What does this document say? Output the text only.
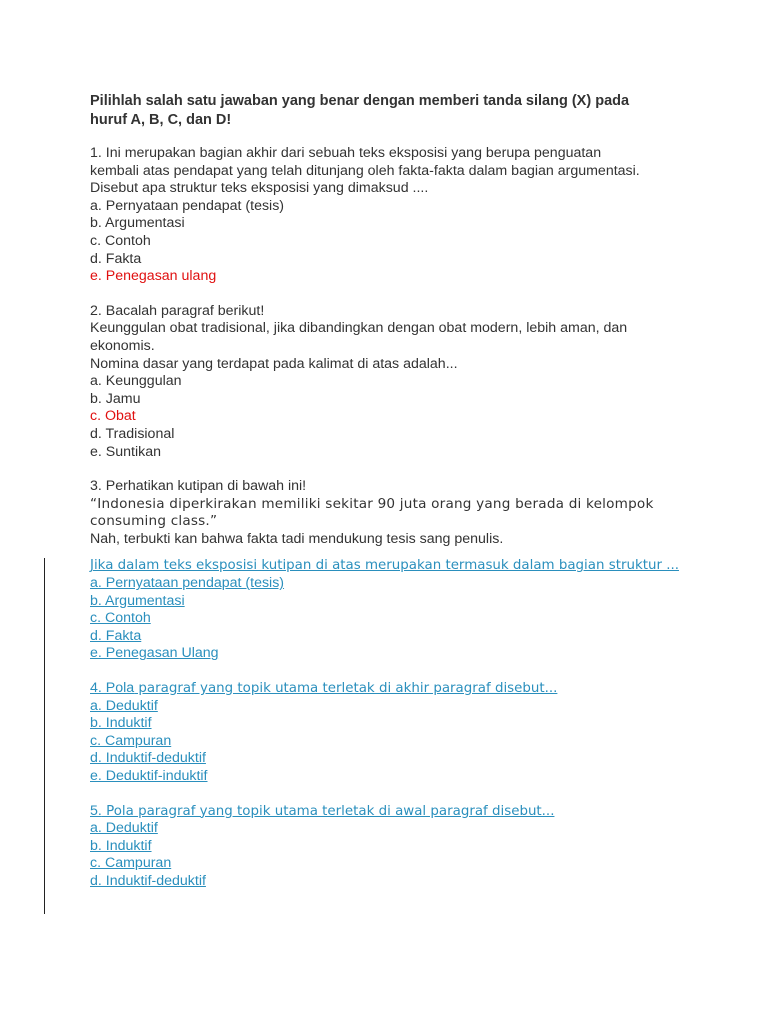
Pilihlah salah satu jawaban yang benar dengan memberi tanda silang (X) pada
huruf A, B, C, dan D!
1. Ini merupakan bagian akhir dari sebuah teks eksposisi yang berupa penguatan
kembali atas pendapat yang telah ditunjang oleh fakta-fakta dalam bagian argumentasi.
Disebut apa struktur teks eksposisi yang dimaksud ....
a. Pernyataan pendapat (tesis)
b. Argumentasi
c. Contoh
d. Fakta
e. Penegasan ulang
2. Bacalah paragraf berikut!
Keunggulan obat tradisional, jika dibandingkan dengan obat modern, lebih aman, dan
ekonomis.
Nomina dasar yang terdapat pada kalimat di atas adalah...
a. Keunggulan
b. Jamu
c. Obat
d. Tradisional
e. Suntikan
3. Perhatikan kutipan di bawah ini!
“Indonesia diperkirakan memiliki sekitar 90 juta orang yang berada di kelompok
consuming class.”
Nah, terbukti kan bahwa fakta tadi mendukung tesis sang penulis.
Jika dalam teks eksposisi kutipan di atas merupakan termasuk dalam bagian struktur ...
a. Pernyataan pendapat (tesis)
b. Argumentasi
c. Contoh
d. Fakta
e. Penegasan Ulang
4. Pola paragraf yang topik utama terletak di akhir paragraf disebut...
a. Deduktif
b. Induktif
c. Campuran
d. Induktif-deduktif
e. Deduktif-induktif
5. Pola paragraf yang topik utama terletak di awal paragraf disebut...
a. Deduktif
b. Induktif
c. Campuran
d. Induktif-deduktif
